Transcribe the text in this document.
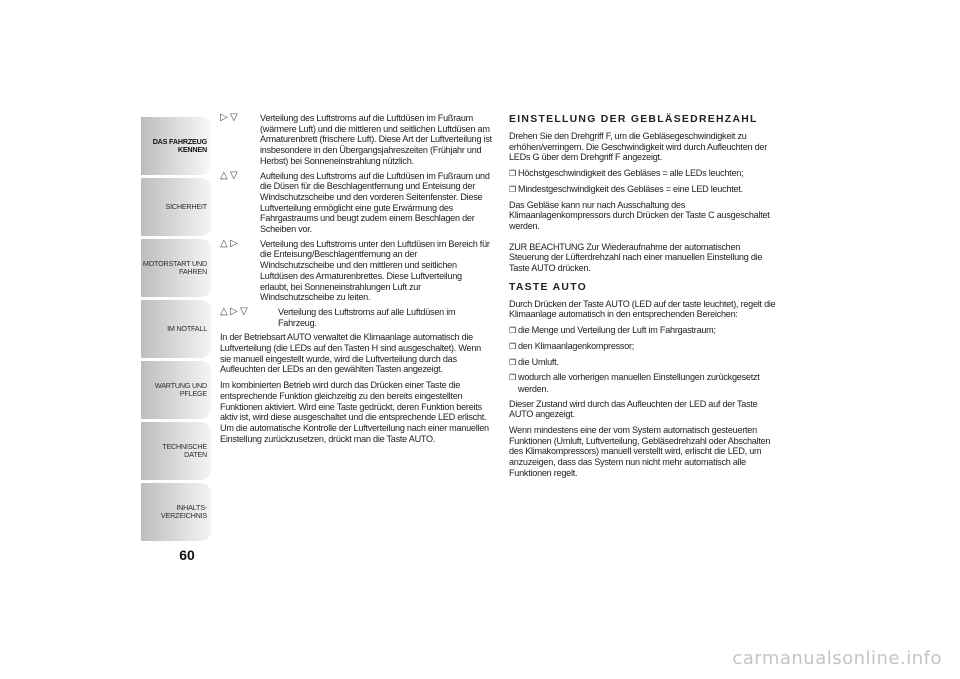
DAS FAHRZEUG
KENNEN
SICHERHEIT
MOTORSTART UND
FAHREN
IM NOTFALL
WARTUNG UND
PFLEGE
TECHNISCHE DATEN
INHALTS-
VERZEICHNIS
60
▷ ▽	Verteilung des Luftstroms auf die Luftdüsen im Fußraum (wärmere Luft) und die mittleren und seitlichen Luftdüsen am Armaturenbrett (frischere Luft). Diese Art der Luftverteilung ist insbesondere in den Übergangsjahreszeiten (Frühjahr und Herbst) bei Sonneneinstrahlung nützlich.
△ ▽	Aufteilung des Luftstroms auf die Luftdüsen im Fußraum und die Düsen für die Beschlagentfernung und Enteisung der Windschutzscheibe und den vorderen Seitenfenster. Diese Luftverteilung ermöglicht eine gute Erwärmung des Fahrgastraums und beugt zudem einem Beschlagen der Scheiben vor.
△ ▷	Verteilung des Luftstroms unter den Luftdüsen im Bereich für die Enteisung/Beschlagentfernung an der Windschutzscheibe und den mittleren und seitlichen Luftdüsen des Armaturenbrettes. Diese Luftverteilung erlaubt, bei Sonneneinstrahlungen Luft zur Windschutzscheibe zu leiten.
△ ▷ ▽	Verteilung des Luftstroms auf alle Luftdüsen im Fahrzeug.

In der Betriebsart AUTO verwaltet die Klimaanlage automatisch die Luftverteilung (die LEDs auf den Tasten H sind ausgeschaltet). Wenn sie manuell eingestellt wurde, wird die Luftverteilung durch das Aufleuchten der LEDs an den gewählten Tasten angezeigt.

Im kombinierten Betrieb wird durch das Drücken einer Taste die entsprechende Funktion gleichzeitig zu den bereits eingestellten Funktionen aktiviert. Wird eine Taste gedrückt, deren Funktion bereits aktiv ist, wird diese ausgeschaltet und die entsprechende LED erlischt. Um die automatische Kontrolle der Luftverteilung nach einer manuellen Einstellung zurückzusetzen, drückt man die Taste AUTO.

EINSTELLUNG DER GEBLÄSEDREHZAHL

Drehen Sie den Drehgriff F, um die Gebläsegeschwindigkeit zu erhöhen/verringern. Die Geschwindigkeit wird durch Aufleuchten der LEDs G über dem Drehgriff F angezeigt.

❐ Höchstgeschwindigkeit des Gebläses = alle LEDs leuchten;

❐ Mindestgeschwindigkeit des Gebläses = eine LED leuchtet.

Das Gebläse kann nur nach Ausschaltung des Klimaanlagenkompressors durch Drücken der Taste C ausgeschaltet werden.

ZUR BEACHTUNG Zur Wiederaufnahme der automatischen Steuerung der Lüfterdrehzahl nach einer manuellen Einstellung die Taste AUTO drücken.

TASTE AUTO

Durch Drücken der Taste AUTO (LED auf der taste leuchtet), regelt die Klimaanlage automatisch in den entsprechenden Bereichen:

❐ die Menge und Verteilung der Luft im Fahrgastraum;

❐ den Klimaanlagenkompressor;

❐ die Umluft.

❐ wodurch alle vorherigen manuellen Einstellungen zurückgesetzt werden.

Dieser Zustand wird durch das Aufleuchten der LED auf der Taste AUTO angezeigt.

Wenn mindestens eine der vom System automatisch gesteuerten Funktionen (Umluft, Luftverteilung, Gebläsedrehzahl oder Abschalten des Klimakompressors) manuell verstellt wird, erlischt die LED, um anzuzeigen, dass das System nun nicht mehr automatisch alle Funktionen regelt.

carmanualsonline.info
